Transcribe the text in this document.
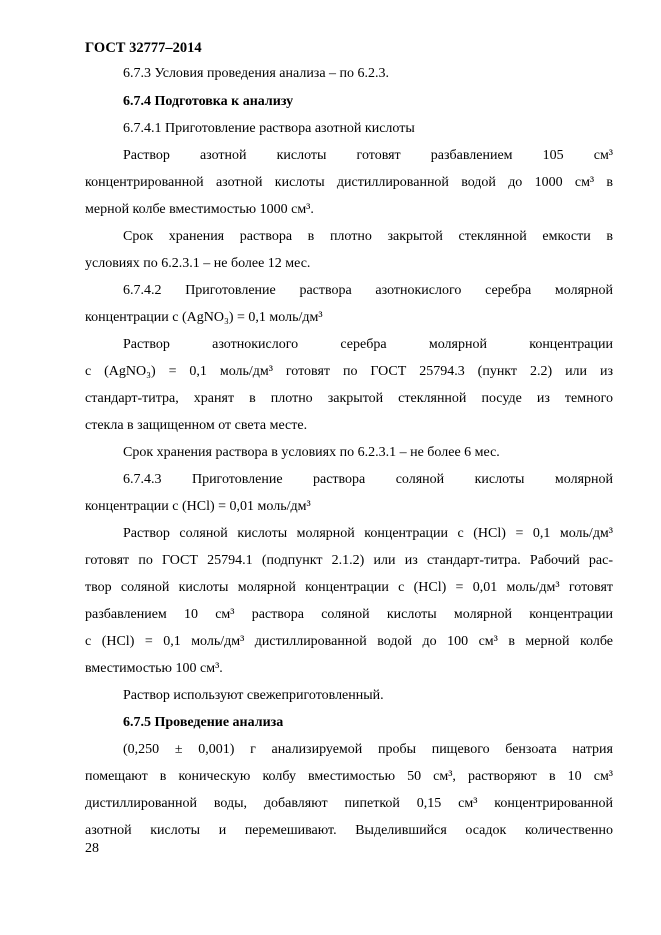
ГОСТ 32777–2014
6.7.3 Условия проведения анализа – по 6.2.3.
6.7.4 Подготовка к анализу
6.7.4.1 Приготовление раствора азотной кислоты
Раствор азотной кислоты готовят разбавлением 105 см³
концентрированной азотной кислоты дистиллированной водой до 1000 см³ в
мерной колбе вместимостью 1000 см³.
Срок хранения раствора в плотно закрытой стеклянной емкости в
условиях по 6.2.3.1 – не более 12 мес.
6.7.4.2 Приготовление раствора азотнокислого серебра молярной
концентрации c (AgNO₃) = 0,1 моль/дм³
Раствор азотнокислого серебра молярной концентрации
c (AgNO₃) = 0,1 моль/дм³ готовят по ГОСТ 25794.3 (пункт 2.2) или из
стандарт-титра, хранят в плотно закрытой стеклянной посуде из темного
стекла в защищенном от света месте.
Срок хранения раствора в условиях по 6.2.3.1 – не более 6 мес.
6.7.4.3 Приготовление раствора соляной кислоты молярной
концентрации c (HCl) = 0,01 моль/дм³
Раствор соляной кислоты молярной концентрации c (HCl) = 0,1 моль/дм³
готовят по ГОСТ 25794.1 (подпункт 2.1.2) или из стандарт-титра. Рабочий рас-
твор соляной кислоты молярной концентрации c (HCl) = 0,01 моль/дм³ готовят
разбавлением 10 см³ раствора соляной кислоты молярной концентрации
c (HCl) = 0,1 моль/дм³ дистиллированной водой до 100 см³ в мерной колбе
вместимостью 100 см³.
Раствор используют свежеприготовленный.
6.7.5 Проведение анализа
(0,250 ± 0,001) г анализируемой пробы пищевого бензоата натрия
помещают в коническую колбу вместимостью 50 см³, растворяют в 10 см³
дистиллированной воды, добавляют пипеткой 0,15 см³ концентрированной
азотной кислоты и перемешивают. Выделившийся осадок количественно
28
